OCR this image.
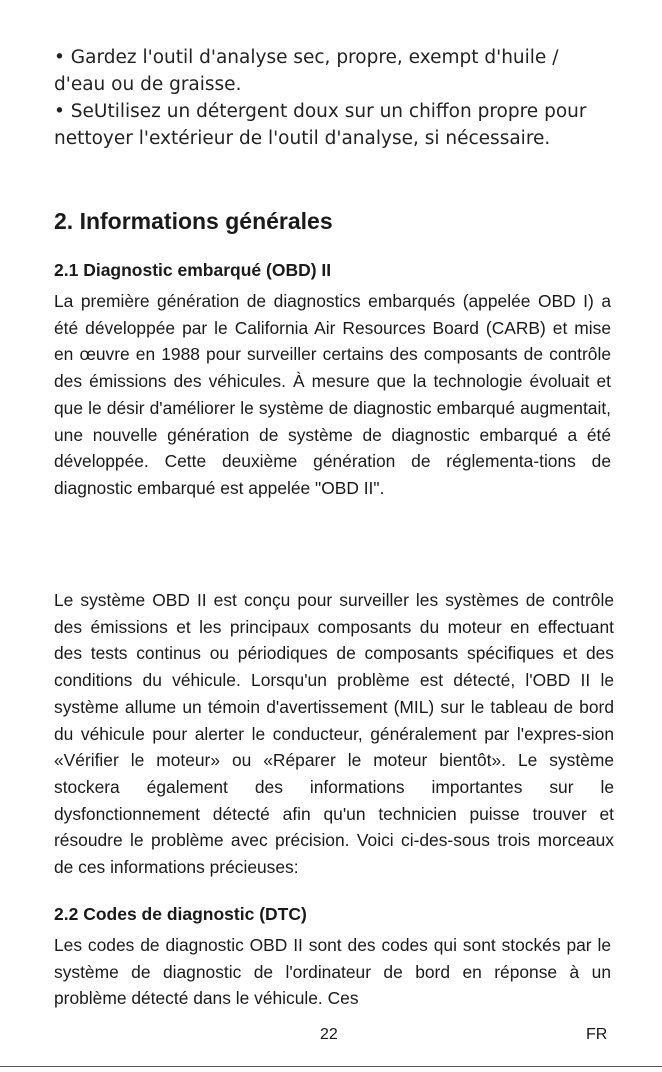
• Gardez l'outil d'analyse sec, propre, exempt d'huile / d'eau ou de graisse.

• SeUtilisez un détergent doux sur un chiffon propre pour nettoyer l'extérieur de l'outil d'analyse, si nécessaire.

2. Informations générales
2.1 Diagnostic embarqué (OBD) II

La première génération de diagnostics embarqués (appelée OBD I) a été développée par le California Air Resources Board (CARB) et mise en œuvre en 1988 pour surveiller certains des composants de contrôle des émissions des véhicules. À mesure que la technologie évoluait et que le désir d'améliorer le système de diagnostic embarqué augmentait, une nouvelle génération de système de diagnostic embarqué a été développée. Cette deuxième génération de réglementa-tions de diagnostic embarqué est appelée "OBD II".

Le système OBD II est conçu pour surveiller les systèmes de contrôle des émissions et les principaux composants du moteur en effectuant des tests continus ou périodiques de composants spécifiques et des conditions du véhicule. Lorsqu'un problème est détecté, l'OBD II le système allume un témoin d'avertissement (MIL) sur le tableau de bord du véhicule pour alerter le conducteur, généralement par l'expres-sion «Vérifier le moteur» ou «Réparer le moteur bientôt». Le système stockera également des informations importantes sur le dysfonctionnement détecté afin qu'un technicien puisse trouver et résoudre le problème avec précision. Voici ci-des-sous trois morceaux de ces informations précieuses:

2.2 Codes de diagnostic (DTC)

Les codes de diagnostic OBD II sont des codes qui sont stockés par le système de diagnostic de l'ordinateur de bord en réponse à un problème détecté dans le véhicule. Ces

22	FR
